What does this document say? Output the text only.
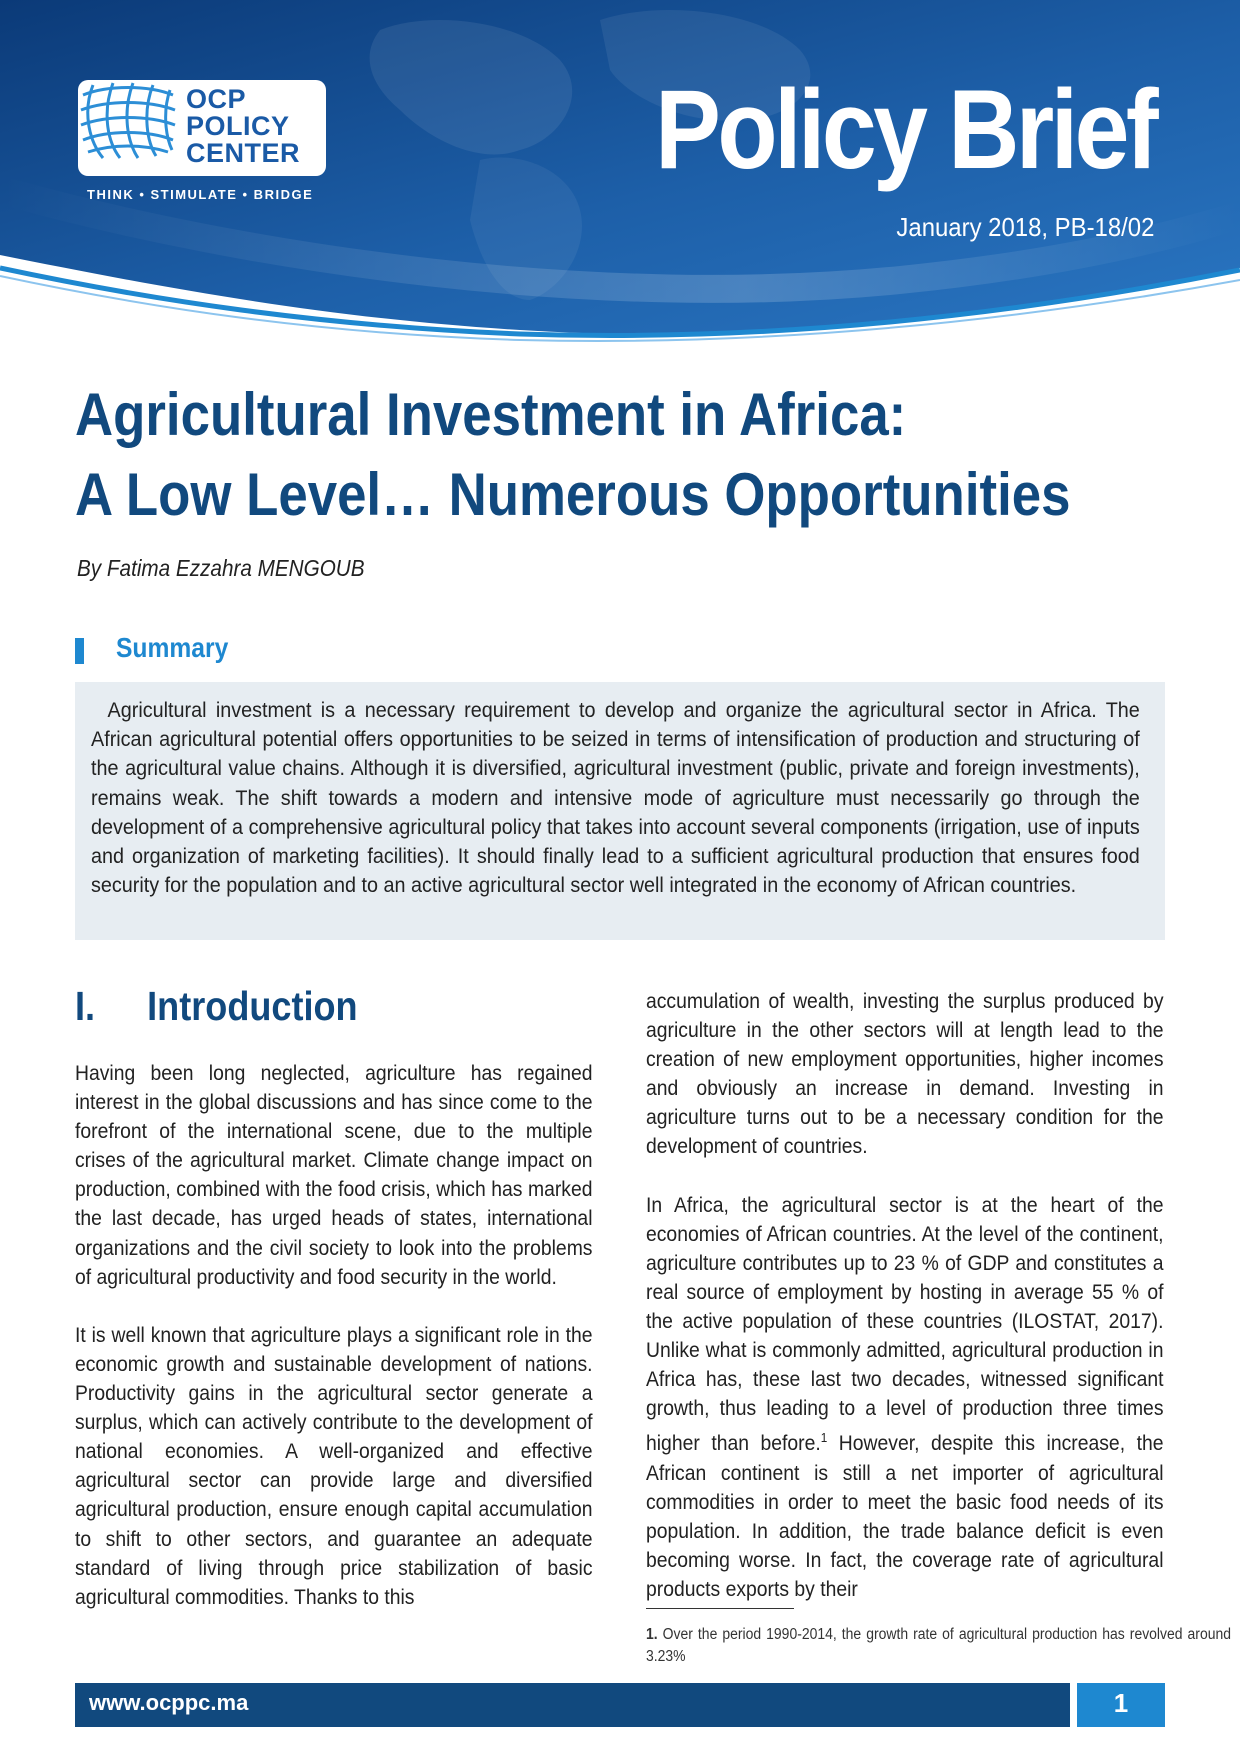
OCP
POLICY
CENTER
THINK • STIMULATE • BRIDGE
Policy Brief
January 2018, PB-18/02
Agricultural Investment in Africa:
A Low Level… Numerous Opportunities
By Fatima Ezzahra MENGOUB
Summary
Agricultural investment is a necessary requirement to develop and organize the agricultural sector in Africa. The African agricultural potential offers opportunities to be seized in terms of intensification of production and structuring of the agricultural value chains. Although it is diversified, agricultural investment (public, private and foreign investments), remains weak. The shift towards a modern and intensive mode of agriculture must necessarily go through the development of a comprehensive agricultural policy that takes into account several components (irrigation, use of inputs and organization of marketing facilities). It should finally lead to a sufficient agricultural production that ensures food security for the population and to an active agricultural sector well integrated in the economy of African countries.
I. Introduction

Having been long neglected, agriculture has regained interest in the global discussions and has since come to the forefront of the international scene, due to the multiple crises of the agricultural market. Climate change impact on production, combined with the food crisis, which has marked the last decade, has urged heads of states, international organizations and the civil society to look into the problems of agricultural productivity and food security in the world.

It is well known that agriculture plays a significant role in the economic growth and sustainable development of nations. Productivity gains in the agricultural sector generate a surplus, which can actively contribute to the development of national economies. A well-organized and effective agricultural sector can provide large and diversified agricultural production, ensure enough capital accumulation to shift to other sectors, and guarantee an adequate standard of living through price stabilization of basic agricultural commodities. Thanks to this

accumulation of wealth, investing the surplus produced by agriculture in the other sectors will at length lead to the creation of new employment opportunities, higher incomes and obviously an increase in demand. Investing in agriculture turns out to be a necessary condition for the development of countries.

In Africa, the agricultural sector is at the heart of the economies of African countries. At the level of the continent, agriculture contributes up to 23 % of GDP and constitutes a real source of employment by hosting in average 55 % of the active population of these countries (ILOSTAT, 2017). Unlike what is commonly admitted, agricultural production in Africa has, these last two decades, witnessed significant growth, thus leading to a level of production three times higher than before.$^1$ However, despite this increase, the African continent is still a net importer of agricultural commodities in order to meet the basic food needs of its population. In addition, the trade balance deficit is even becoming worse. In fact, the coverage rate of agricultural products exports by their

1. Over the period 1990-2014, the growth rate of agricultural production has revolved around 3.23%
www.ocppc.ma	1
